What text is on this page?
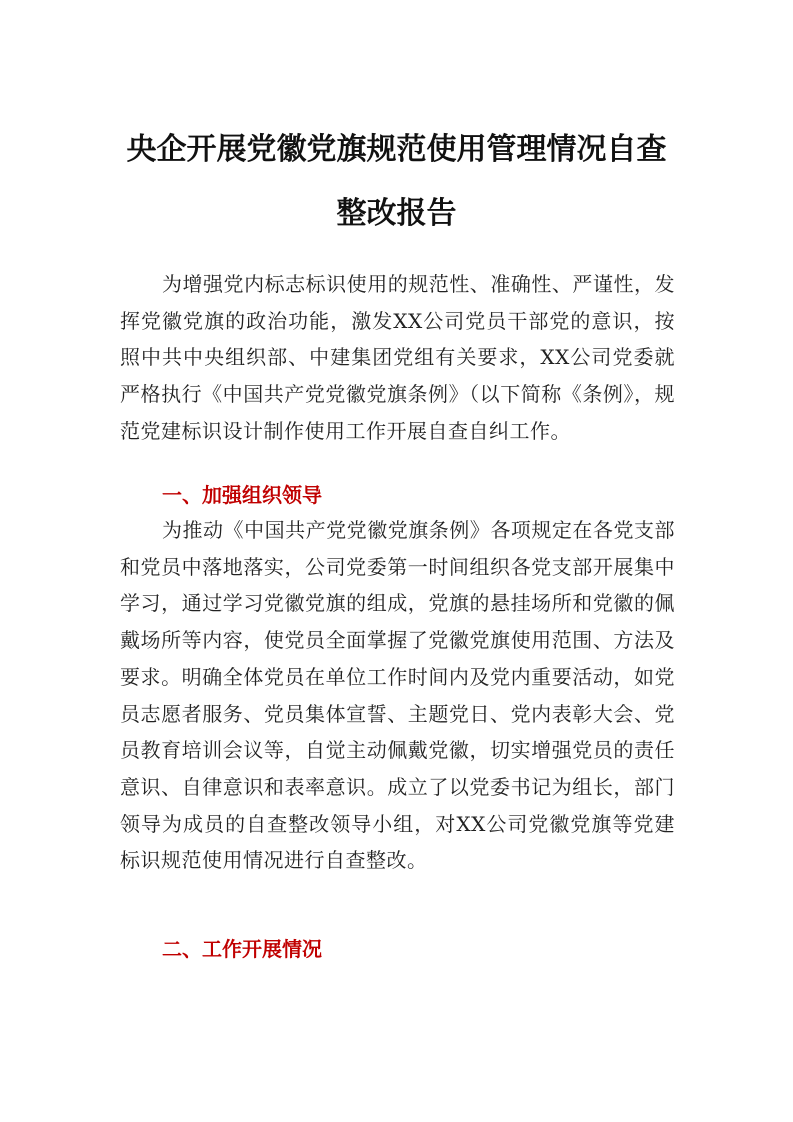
央企开展党徽党旗规范使用管理情况自查整改报告

为增强党内标志标识使用的规范性、准确性、严谨性，发挥党徽党旗的政治功能，激发XX公司党员干部党的意识，按照中共中央组织部、中建集团党组有关要求，XX公司党委就严格执行《中国共产党党徽党旗条例》（以下简称《条例》，规范党建标识设计制作使用工作开展自查自纠工作。

一、加强组织领导

为推动《中国共产党党徽党旗条例》各项规定在各党支部和党员中落地落实，公司党委第一时间组织各党支部开展集中学习，通过学习党徽党旗的组成，党旗的悬挂场所和党徽的佩戴场所等内容，使党员全面掌握了党徽党旗使用范围、方法及要求。明确全体党员在单位工作时间内及党内重要活动，如党员志愿者服务、党员集体宣誓、主题党日、党内表彰大会、党员教育培训会议等，自觉主动佩戴党徽，切实增强党员的责任意识、自律意识和表率意识。成立了以党委书记为组长，部门领导为成员的自查整改领导小组，对XX公司党徽党旗等党建标识规范使用情况进行自查整改。

二、工作开展情况
